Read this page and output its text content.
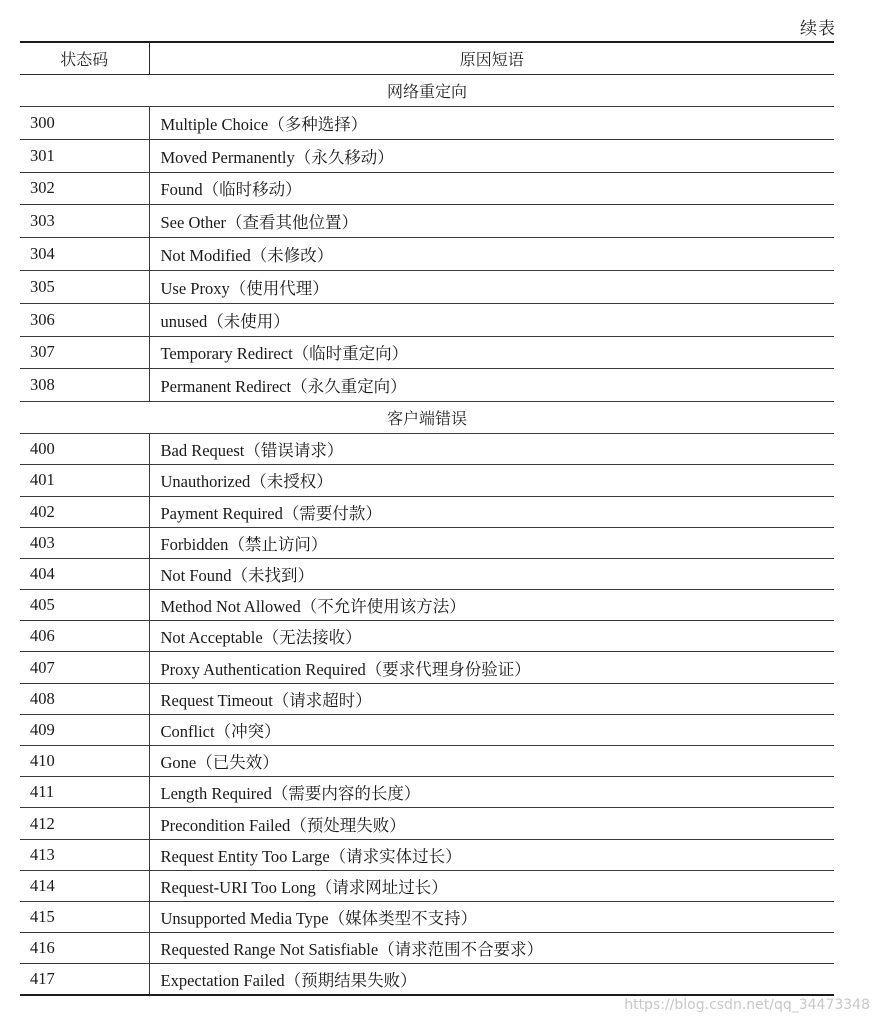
续表
状态码	原因短语
网络重定向	
300	Multiple Choice（多种选择）
301	Moved Permanently（永久移动）
302	Found（临时移动）
303	See Other（查看其他位置）
304	Not Modified（未修改）
305	Use Proxy（使用代理）
306	unused（未使用）
307	Temporary Redirect（临时重定向）
308	Permanent Redirect（永久重定向）
客户端错误	
400	Bad Request（错误请求）
401	Unauthorized（未授权）
402	Payment Required（需要付款）
403	Forbidden（禁止访问）
404	Not Found（未找到）
405	Method Not Allowed（不允许使用该方法）
406	Not Acceptable（无法接收）
407	Proxy Authentication Required（要求代理身份验证）
408	Request Timeout（请求超时）
409	Conflict（冲突）
410	Gone（已失效）
411	Length Required（需要内容的长度）
412	Precondition Failed（预处理失败）
413	Request Entity Too Large（请求实体过长）
414	Request-URI Too Long（请求网址过长）
415	Unsupported Media Type（媒体类型不支持）
416	Requested Range Not Satisfiable（请求范围不合要求）
417	Expectation Failed（预期结果失败）
https://blog.csdn.net/qq_34473348
